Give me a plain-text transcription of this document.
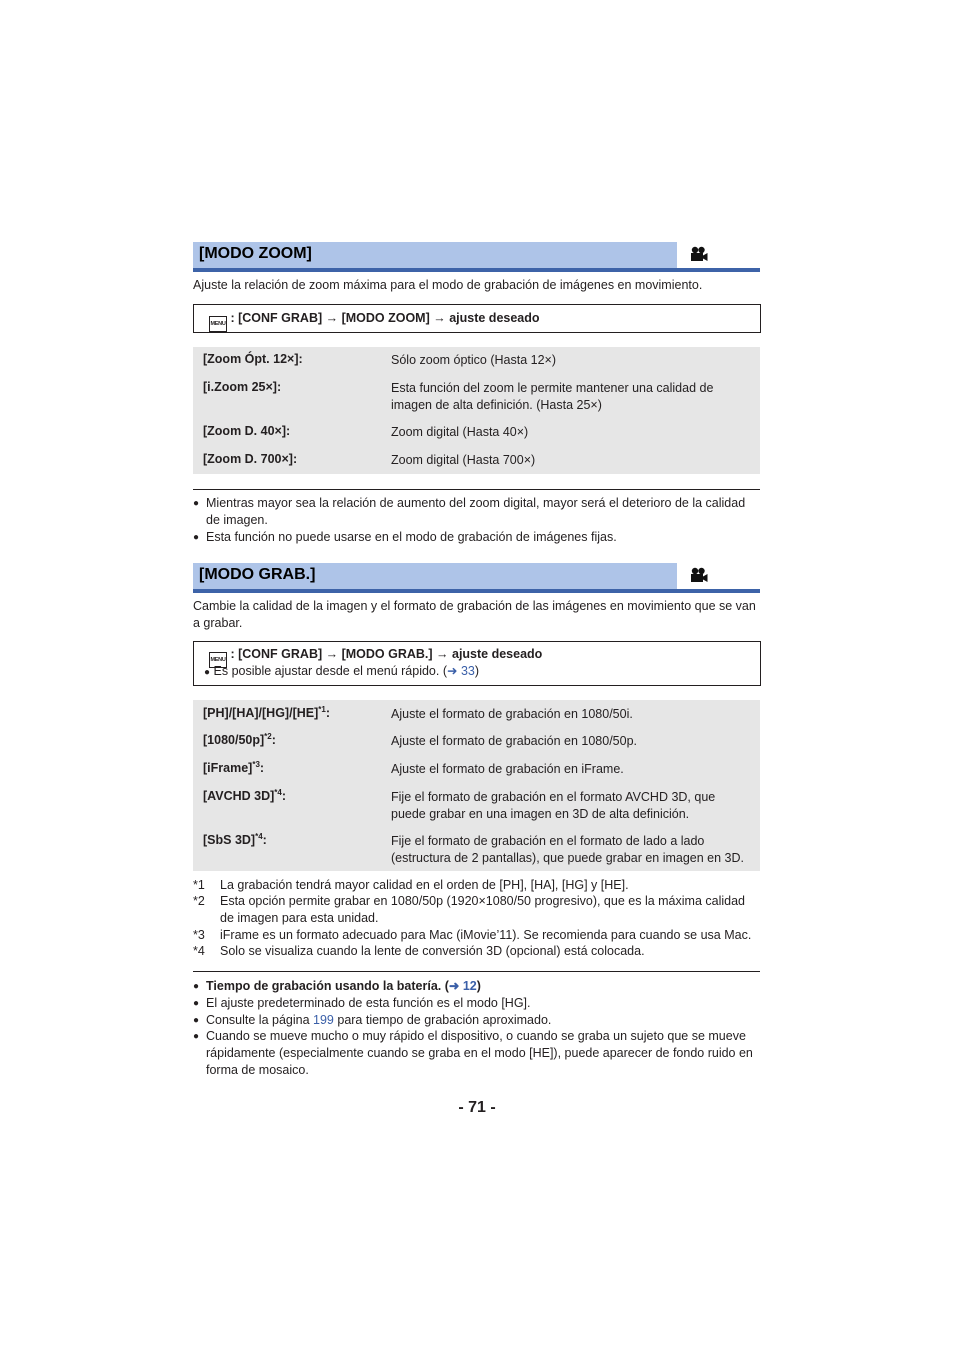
[MODO ZOOM]
Ajuste la relación de zoom máxima para el modo de grabación de imágenes en movimiento.
MENU : [CONF GRAB] → [MODO ZOOM] → ajuste deseado
[Zoom Ópt. 12×]:	Sólo zoom óptico (Hasta 12×)
[i.Zoom 25×]:	Esta función del zoom le permite mantener una calidad de imagen de alta definición. (Hasta 25×)
[Zoom D. 40×]:	Zoom digital (Hasta 40×)
[Zoom D. 700×]:	Zoom digital (Hasta 700×)
● Mientras mayor sea la relación de aumento del zoom digital, mayor será el deterioro de la calidad de imagen.
● Esta función no puede usarse en el modo de grabación de imágenes fijas.
[MODO GRAB.]
Cambie la calidad de la imagen y el formato de grabación de las imágenes en movimiento que se van a grabar.
MENU : [CONF GRAB] → [MODO GRAB.] → ajuste deseado
● Es posible ajustar desde el menú rápido. (➜ 33)
[PH]/[HA]/[HG]/[HE]$^{*1}$:	Ajuste el formato de grabación en 1080/50i.
$[1080/50p]^{*2}$:	Ajuste el formato de grabación en 1080/50p.
[iFrame]$^{*3}$:	Ajuste el formato de grabación en iFrame.
[AVCHD 3D]$^{*4}$:	Fije el formato de grabación en el formato AVCHD 3D, que puede grabar en una imagen en 3D de alta definición.
[SbS 3D]$^{*4}$:	Fije el formato de grabación en el formato de lado a lado (estructura de 2 pantallas), que puede grabar en imagen en 3D.
*1 La grabación tendrá mayor calidad en el orden de [PH], [HA], [HG] y [HE].
*2 Esta opción permite grabar en 1080/50p (1920×1080/50 progresivo), que es la máxima calidad de imagen para esta unidad.
*3 iFrame es un formato adecuado para Mac (iMovie’11). Se recomienda para cuando se usa Mac.
*4 Solo se visualiza cuando la lente de conversión 3D (opcional) está colocada.
● Tiempo de grabación usando la batería. (➜ 12)
● El ajuste predeterminado de esta función es el modo [HG].
● Consulte la página 199 para tiempo de grabación aproximado.
● Cuando se mueve mucho o muy rápido el dispositivo, o cuando se graba un sujeto que se mueve rápidamente (especialmente cuando se graba en el modo [HE]), puede aparecer de fondo ruido en forma de mosaico.
- 71 -
